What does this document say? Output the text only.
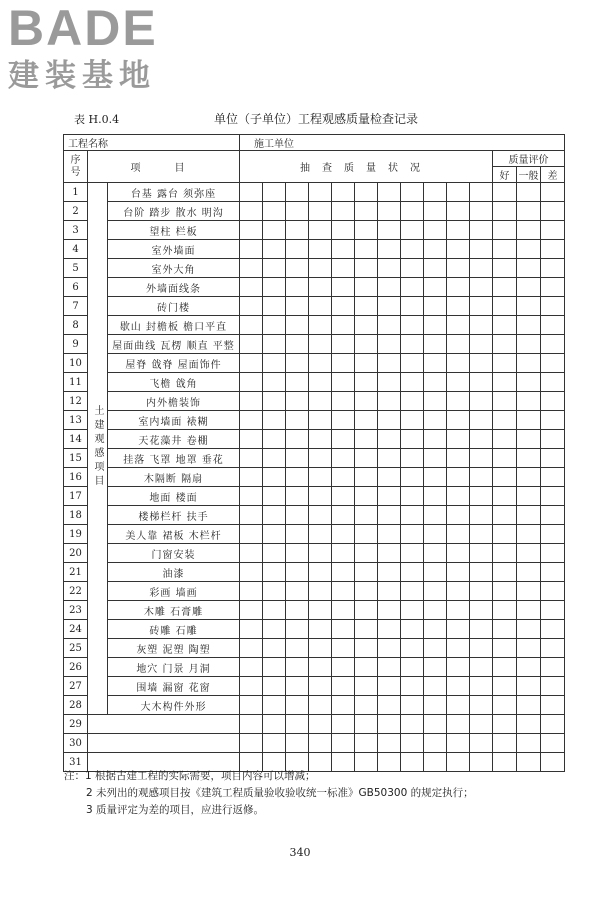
BADE
建装基地
表 H.0.4	单位（子单位）工程观感质量检查记录
工程名称			施工单位													
序
号	项　目		抽查质量状况											质量评价		
														好	一般	差
1	土建观感项目	台基 露台 须弥座														
2		台阶 踏步 散水 明沟														
3		望柱 栏板														
4		室外墙面														
5		室外大角														
6		外墙面线条														
7		砖门楼														
8		歇山 封檐板 檐口平直														
9		屋面曲线 瓦楞 顺直 平整														
10		屋脊 戗脊 屋面饰件														
11		飞檐 戗角														
12		内外檐装饰														
13		室内墙面 裱糊														
14		天花藻井 卷棚														
15		挂落 飞罩 地罩 垂花														
16		木隔断 隔扇														
17		地面 楼面														
18		楼梯栏杆 扶手														
19		美人靠 裙板 木栏杆														
20		门窗安装														
21		油漆														
22		彩画 墙画														
23		木雕 石膏雕														
24		砖雕 石雕														
25		灰塑 泥塑 陶塑														
26		地穴 门景 月洞														
27		围墙 漏窗 花窗														
28		大木构件外形														
29																
30																
31																
注：1 根据古建工程的实际需要，项目内容可以增减；
2 未列出的观感项目按《建筑工程质量验收验收统一标准》GB50300 的规定执行；
3 质量评定为差的项目，应进行返修。
340
